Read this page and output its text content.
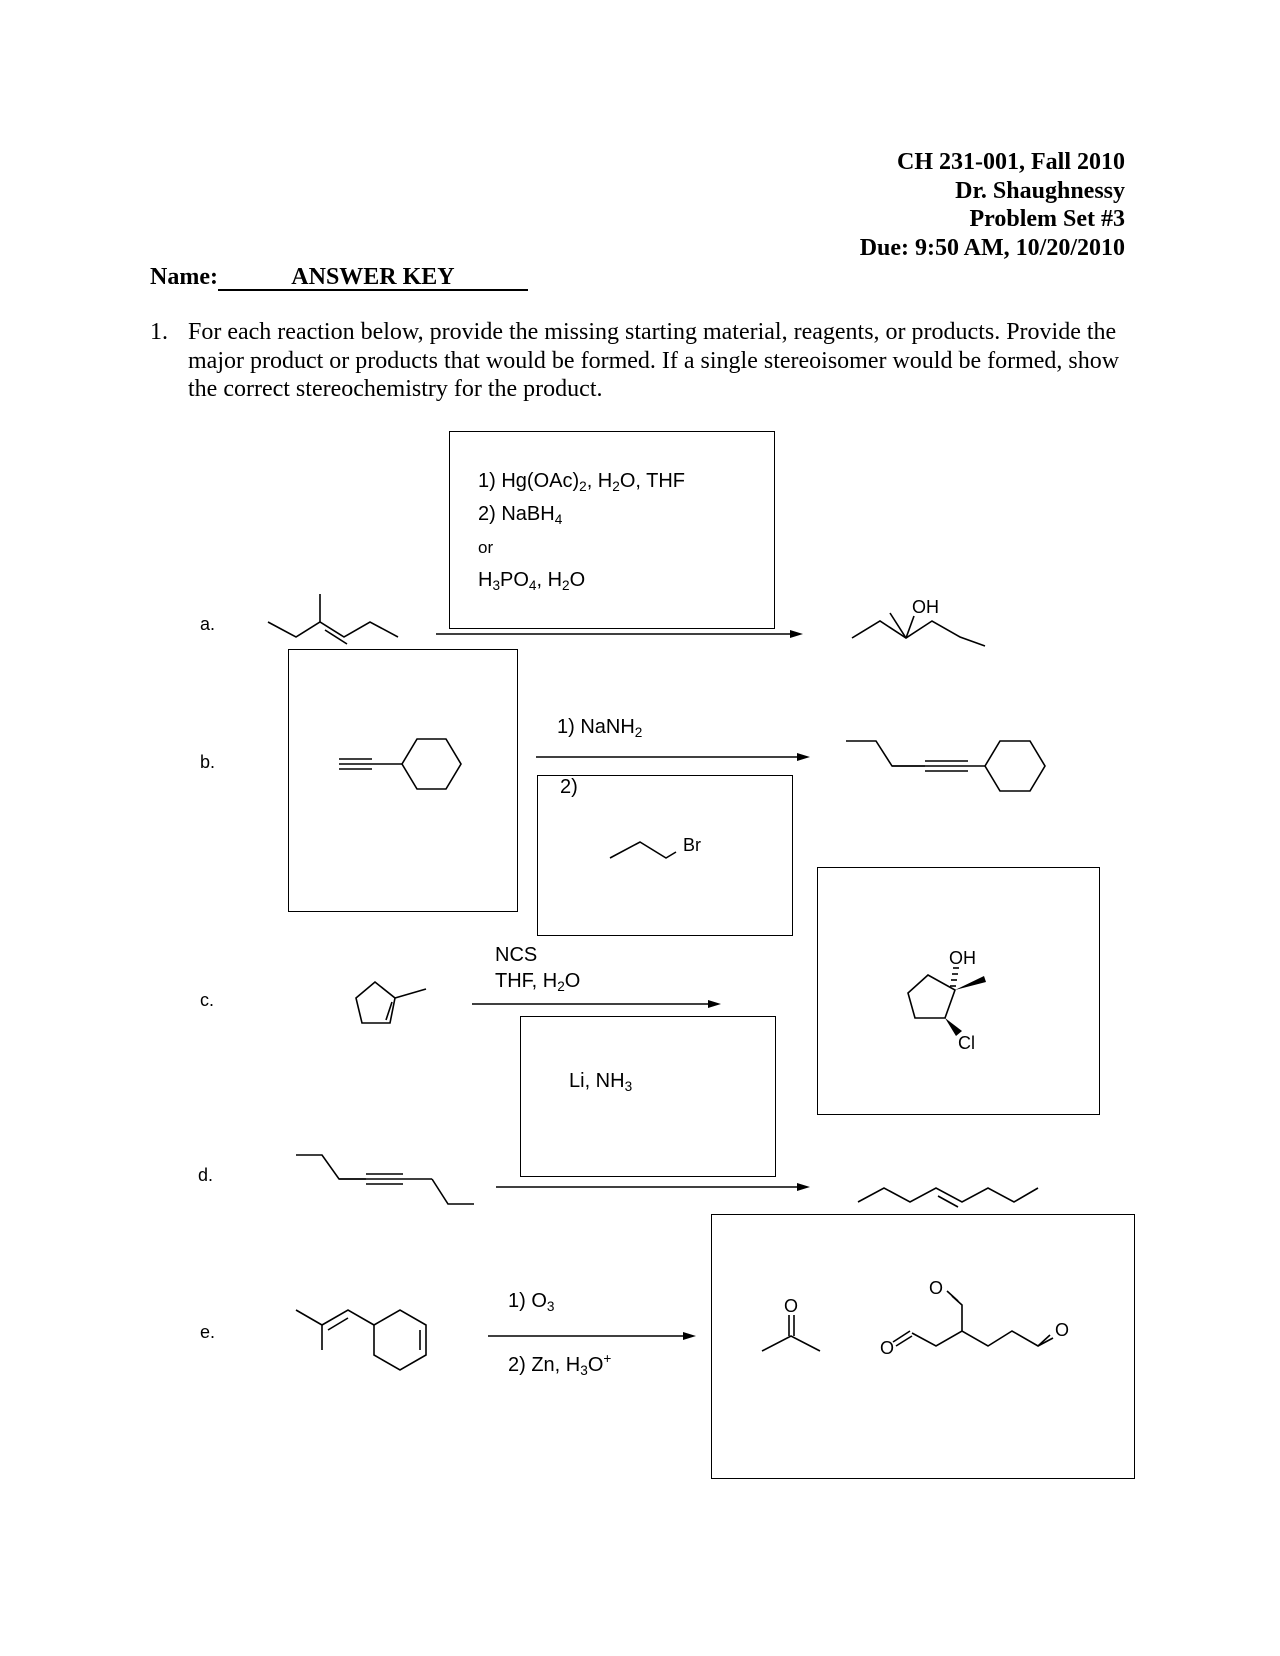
CH 231-001, Fall 2010
Dr. Shaughnessy
Problem Set #3
Due: 9:50 AM, 10/20/2010
Name:	ANSWER KEY
1. For each reaction below, provide the missing starting material, reagents, or products. Provide the major product or products that would be formed. If a single stereoisomer would be formed, show the correct stereochemistry for the product.
a.
b.
c.
d.
e.
1) $Hg(OAc)_2$, $H_2O$, THF
2) NaBH$_4$
or
$H_3PO_4$, $H_2O$
OH
1) NaNH$_2$
2)
Br
NCS
THF, $H_2O$
OH
Cl
Li, $NH_3$
1) $O_3$
2) Zn, $H_3O^+$
O
O
O
O
